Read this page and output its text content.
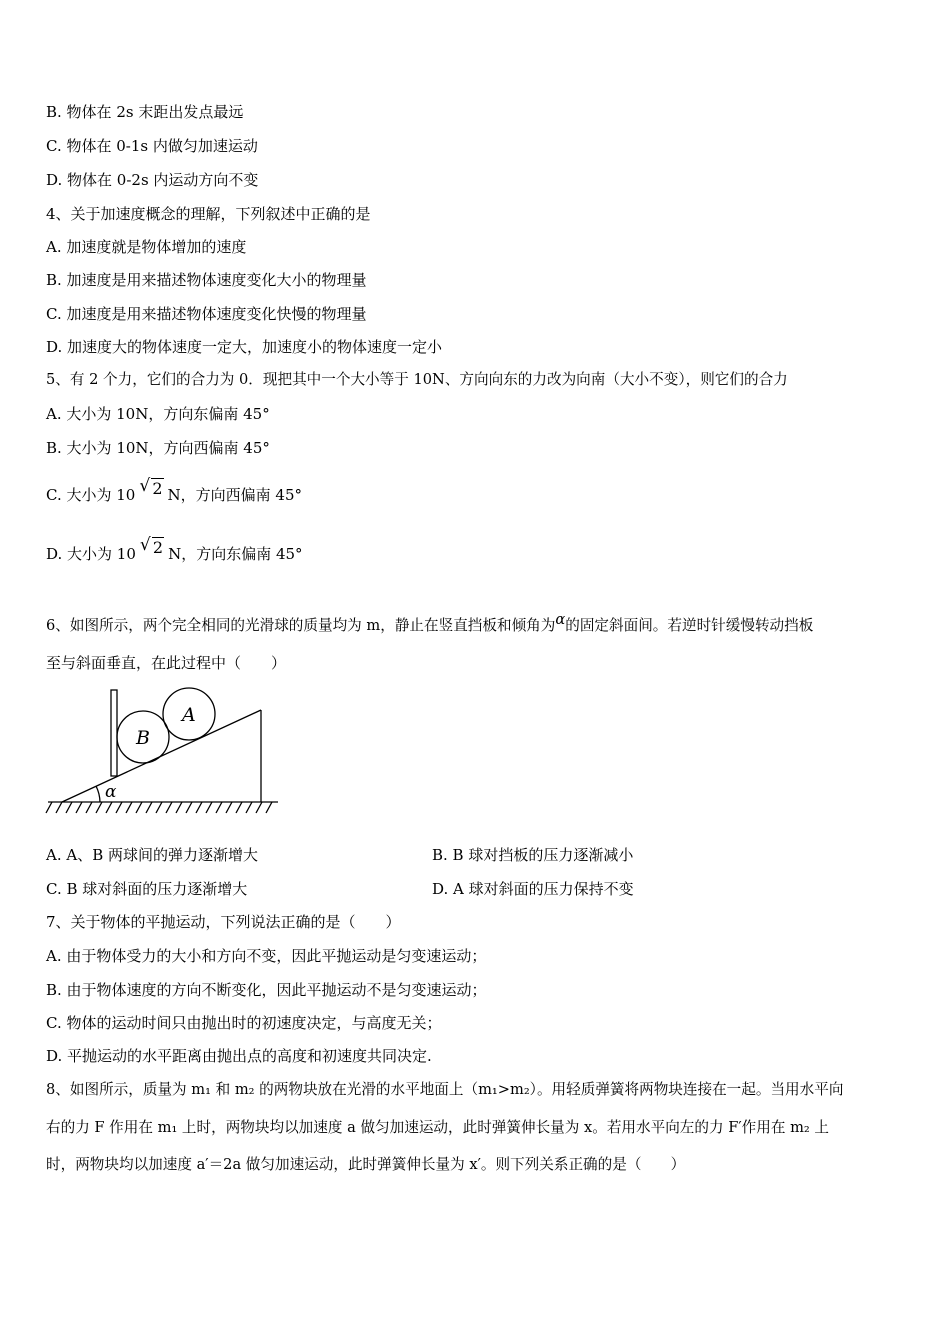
B. 物体在 2s 末距出发点最远
C. 物体在 0-1s 内做匀加速运动
D. 物体在 0-2s 内运动方向不变
4、关于加速度概念的理解，下列叙述中正确的是
A. 加速度就是物体增加的速度
B. 加速度是用来描述物体速度变化大小的物理量
C. 加速度是用来描述物体速度变化快慢的物理量
D. 加速度大的物体速度一定大，加速度小的物体速度一定小
5、有 2 个力，它们的合力为 0．现把其中一个大小等于 10N、方向向东的力改为向南（大小不变），则它们的合力
A. 大小为 10N，方向东偏南 45°
B. 大小为 10N，方向西偏南 45°
C. 大小为 10 √ 2 N，方向西偏南 45°
D. 大小为 10 √ 2 N，方向东偏南 45°
6、如图所示，两个完全相同的光滑球的质量均为 m，静止在竖直挡板和倾角为α的固定斜面间。若逆时针缓慢转动挡板
至与斜面垂直，在此过程中（　　）
B
A
α
A. A、B 两球间的弹力逐渐增大	B. B 球对挡板的压力逐渐减小
C. B 球对斜面的压力逐渐增大	D. A 球对斜面的压力保持不变
7、关于物体的平抛运动，下列说法正确的是（　　）
A. 由于物体受力的大小和方向不变，因此平抛运动是匀变速运动；
B. 由于物体速度的方向不断变化，因此平抛运动不是匀变速运动；
C. 物体的运动时间只由抛出时的初速度决定，与高度无关；
D. 平抛运动的水平距离由抛出点的高度和初速度共同决定.
8、如图所示，质量为 m₁ 和 m₂ 的两物块放在光滑的水平地面上（m₁>m₂）。用轻质弹簧将两物块连接在一起。当用水平向
右的力 F 作用在 m₁ 上时，两物块均以加速度 a 做匀加速运动，此时弹簧伸长量为 x。若用水平向左的力 F′作用在 m₂ 上
时，两物块均以加速度 a′＝2a 做匀加速运动，此时弹簧伸长量为 x′。则下列关系正确的是（　　）
